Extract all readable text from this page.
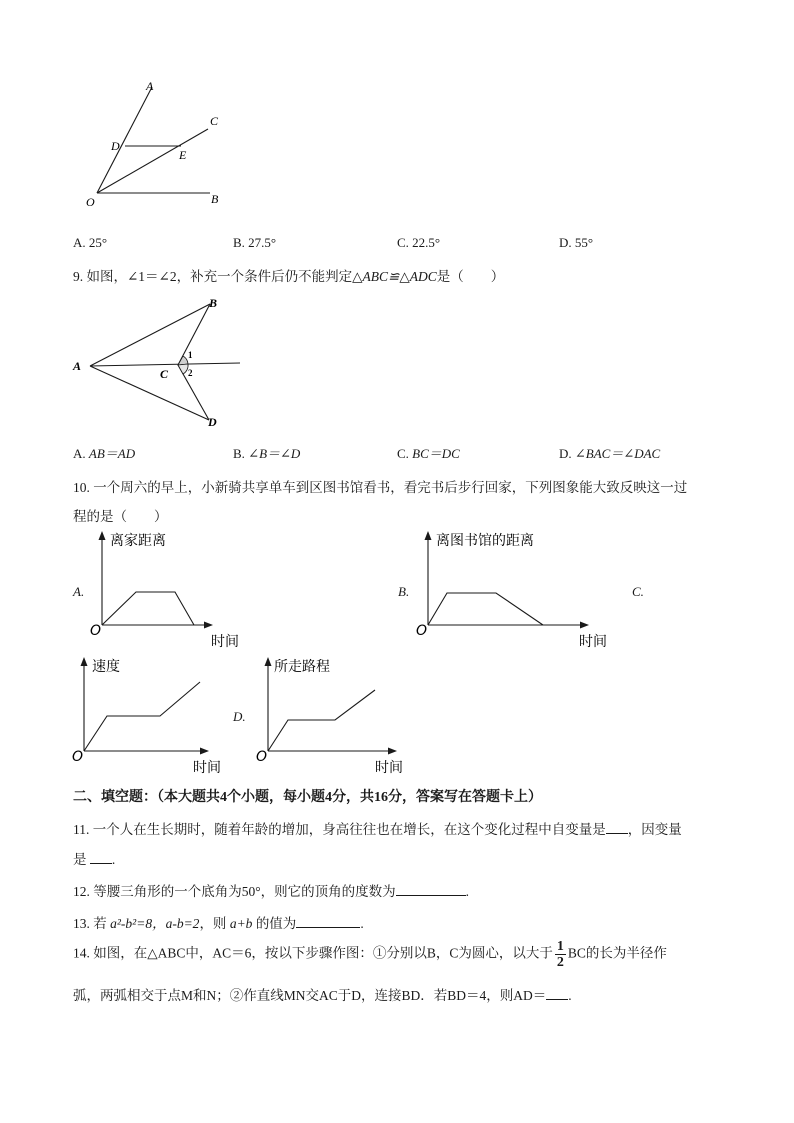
A
C
D
E
O	B
A. 25°	B. 27.5°	C. 22.5°	D. 55°
9. 如图，∠1＝∠2，补充一个条件后仍不能判定△ABC≌△ADC是（　　）
A
B
C
D
1
2
A. AB＝AD	B. ∠B＝∠D	C. BC＝DC	D. ∠BAC＝∠DAC
10. 一个周六的早上，小新骑共享单车到区图书馆看书，看完书后步行回家，下列图象能大致反映这一过
程的是（　　）
A.
离家距离
时间
O
B.
离图书馆的距离
时间
O
C.
速度
时间
O
D.
所走路程
时间
O
二、填空题：（本大题共4个小题，每小题4分，共16分，答案写在答题卡上）
11. 一个人在生长期时，随着年龄的增加，身高往往也在增长，在这个变化过程中自变量是 ，因变量
是 .
12. 等腰三角形的一个底角为50°，则它的顶角的度数为	.
13. 若 a²-b²=8，a-b=2，则 a+b 的值为	.
14. 如图，在△ABC中，AC＝6，按以下步骤作图：①分别以B，C为圆心，以大于 $\frac{1}{2}$ BC的长为半径作
弧，两弧相交于点M和N；②作直线MN交AC于D，连接BD．若BD＝4，则AD＝ .
